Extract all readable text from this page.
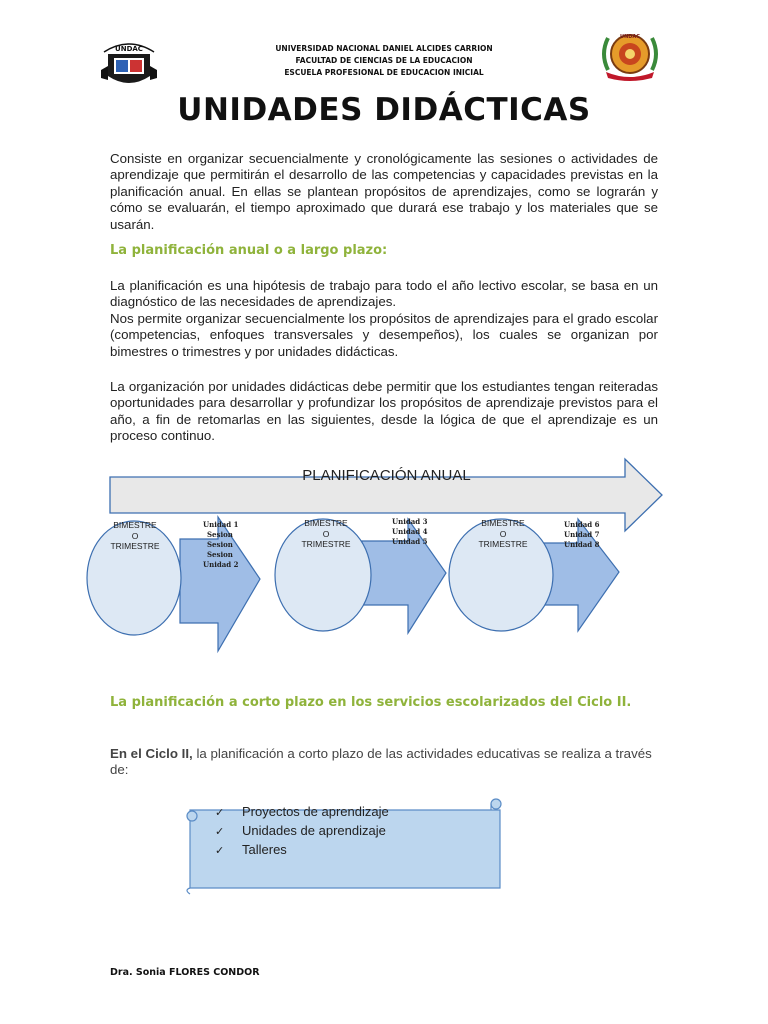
UNDAC
UNDAC
UNIVERSIDAD NACIONAL DANIEL ALCIDES CARRION
FACULTAD DE CIENCIAS DE LA EDUCACION
ESCUELA PROFESIONAL DE EDUCACION INICIAL
UNIDADES DIDÁCTICAS

Consiste en organizar secuencialmente y cronológicamente las sesiones o actividades de aprendizaje que permitirán el desarrollo de las competencias y capacidades previstas en la planificación anual. En ellas se plantean propósitos de aprendizajes, como se lograrán y cómo se evaluarán, el tiempo aproximado que durará ese trabajo y los materiales que se usarán.

La planificación anual o a largo plazo:

La planificación es una hipótesis de trabajo para todo el año lectivo escolar, se basa en un diagnóstico de las necesidades de aprendizajes.

Nos permite organizar secuencialmente los propósitos de aprendizajes para el grado escolar (competencias, enfoques transversales y desempeños), los cuales se organizan por bimestres o trimestres y por unidades didácticas.

La organización por unidades didácticas debe permitir que los estudiantes tengan reiteradas oportunidades para desarrollar y profundizar los propósitos de aprendizaje previstos para el año, a fin de retomarlas en las siguientes, desde la lógica de que el aprendizaje es un proceso continuo.

PLANIFICACIÓN ANUAL
BIMESTRE
O
TRIMESTRE
BIMESTRE
O
TRIMESTRE
BIMESTRE
O
TRIMESTRE
Unidad 1
Sesion
Sesion
Sesion
Unidad 2
Unidad 3
Unidad 4
Unidad 5
Unidad 6
Unidad 7
Unidad 8

La planificación a corto plazo en los servicios escolarizados del Ciclo II.

En el Ciclo II, la planificación a corto plazo de las actividades educativas se realiza a través de:

✓ Proyectos de aprendizaje
✓ Unidades de aprendizaje
✓ Talleres
Dra. Sonia FLORES CONDOR
